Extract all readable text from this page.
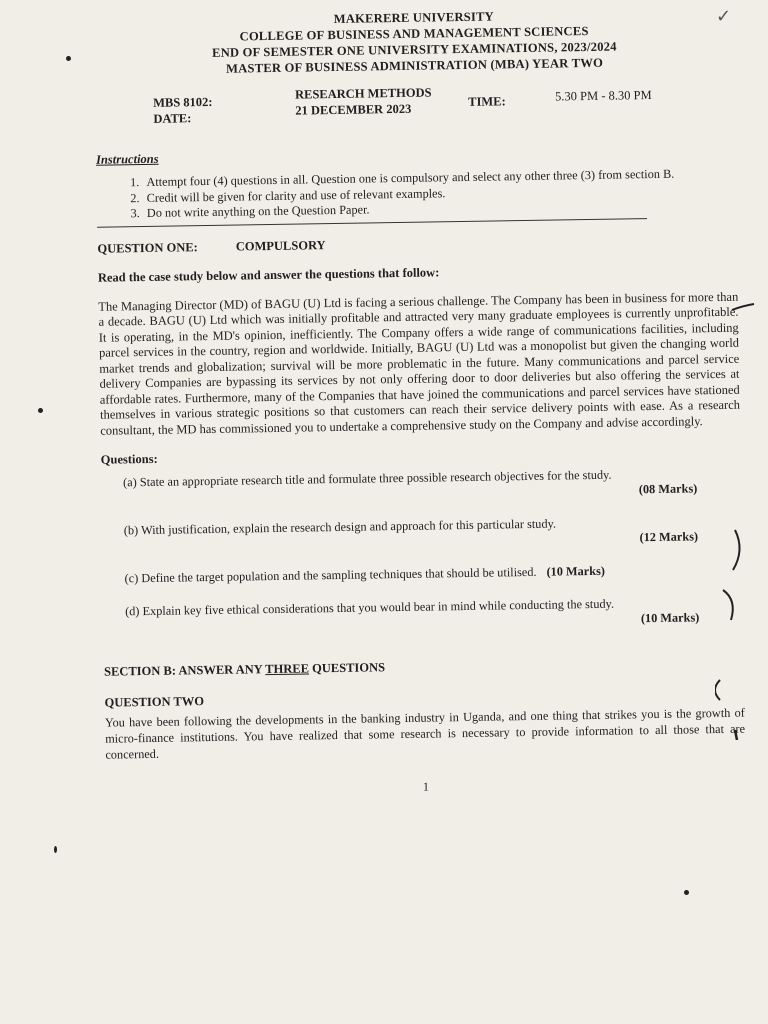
✓
MAKERERE UNIVERSITY
COLLEGE OF BUSINESS AND MANAGEMENT SCIENCES
END OF SEMESTER ONE UNIVERSITY EXAMINATIONS, 2023/2024
MASTER OF BUSINESS ADMINISTRATION (MBA) YEAR TWO
MBS 8102:
RESEARCH METHODS
DATE:
21 DECEMBER 2023
TIME:	5.30 PM - 8.30 PM
Instructions
1. Attempt four (4) questions in all. Question one is compulsory and select any other three (3) from section B.
2. Credit will be given for clarity and use of relevant examples.
3. Do not write anything on the Question Paper.
QUESTION ONE:	COMPULSORY
Read the case study below and answer the questions that follow:
The Managing Director (MD) of BAGU (U) Ltd is facing a serious challenge. The Company has been in business for more than a decade. BAGU (U) Ltd which was initially profitable and attracted very many graduate employees is currently unprofitable. It is operating, in the MD's opinion, inefficiently. The Company offers a wide range of communications facilities, including parcel services in the country, region and worldwide. Initially, BAGU (U) Ltd was a monopolist but given the changing world market trends and globalization; survival will be more problematic in the future. Many communications and parcel service delivery Companies are bypassing its services by not only offering door to door deliveries but also offering the services at affordable rates. Furthermore, many of the Companies that have joined the communications and parcel services have stationed themselves in various strategic positions so that customers can reach their service delivery points with ease. As a research consultant, the MD has commissioned you to undertake a comprehensive study on the Company and advise accordingly.
Questions:
(a) State an appropriate research title and formulate three possible research objectives for the study.	(08 Marks)
(b) With justification, explain the research design and approach for this particular study.	(12 Marks)
(c) Define the target population and the sampling techniques that should be utilised. (10 Marks)
(d) Explain key five ethical considerations that you would bear in mind while conducting the study.	(10 Marks)
SECTION B: ANSWER ANY THREE QUESTIONS
QUESTION TWO
You have been following the developments in the banking industry in Uganda, and one thing that strikes you is the growth of micro-finance institutions. You have realized that some research is necessary to provide information to all those that are concerned.
1
